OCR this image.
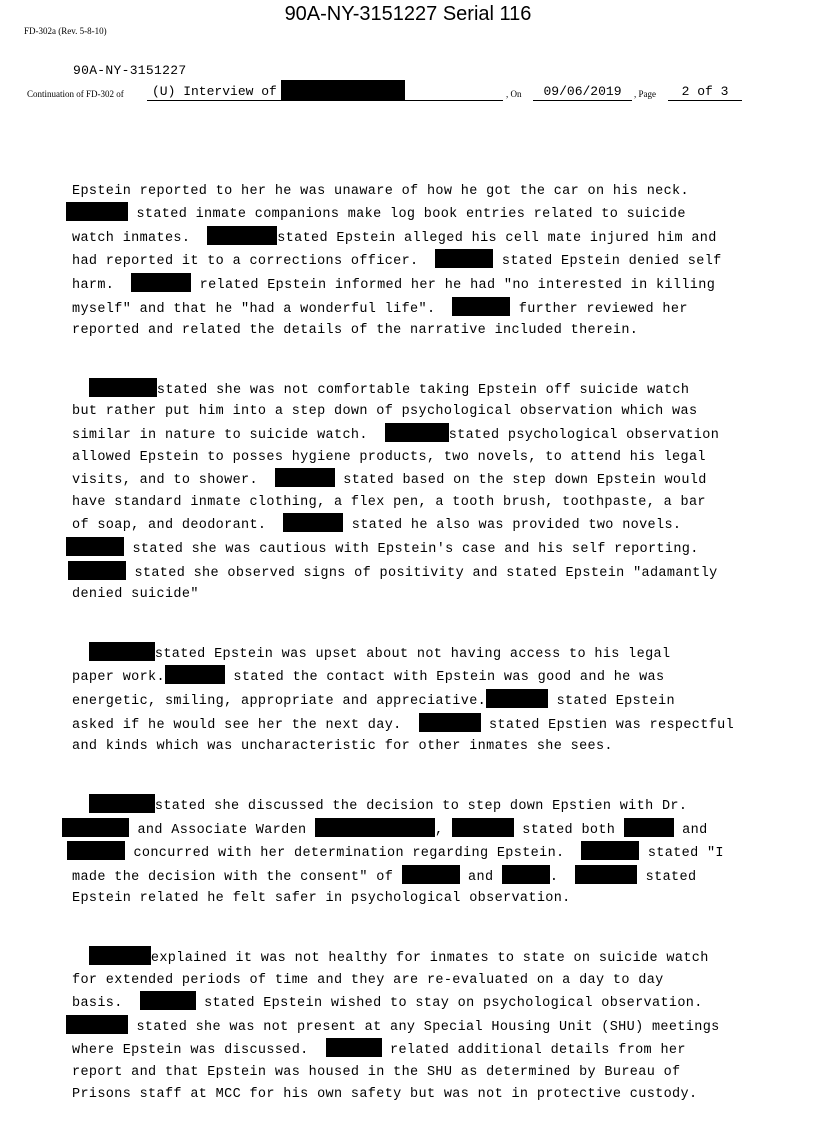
90A-NY-3151227 Serial 116
FD-302a (Rev. 5-8-10)
90A-NY-3151227
Continuation of FD-302 of (U) Interview of	, On	09/06/2019	, Page	2 of 3

Epstein reported to her he was unaware of how he got the car on his neck.
stated inmate companions make log book entries related to suicide
watch inmates.	stated Epstein alleged his cell mate injured him and
had reported it to a corrections officer.	stated Epstein denied self
harm.	related Epstein informed her he had "no interested in killing
myself" and that he "had a wonderful life".	further reviewed her
reported and related the details of the narrative included therein.

stated she was not comfortable taking Epstein off suicide watch
but rather put him into a step down of psychological observation which was
similar in nature to suicide watch.	stated psychological observation
allowed Epstein to posses hygiene products, two novels, to attend his legal
visits, and to shower.	stated based on the step down Epstein would
have standard inmate clothing, a flex pen, a tooth brush, toothpaste, a bar
of soap, and deodorant.	stated he also was provided two novels.
stated she was cautious with Epstein's case and his self reporting.
stated she observed signs of positivity and stated Epstein "adamantly
denied suicide"

stated Epstein was upset about not having access to his legal
paper work.	stated the contact with Epstein was good and he was
energetic, smiling, appropriate and appreciative.	stated Epstein
asked if he would see her the next day.	stated Epstien was respectful
and kinds which was uncharacteristic for other inmates she sees.

stated she discussed the decision to step down Epstien with Dr.
and Associate Warden	,	stated both	and
concurred with her determination regarding Epstein.	stated "I
made the decision with the consent" of	and	.	stated
Epstein related he felt safer in psychological observation.

explained it was not healthy for inmates to state on suicide watch
for extended periods of time and they are re-evaluated on a day to day
basis.	stated Epstein wished to stay on psychological observation.
stated she was not present at any Special Housing Unit (SHU) meetings
where Epstein was discussed.	related additional details from her
report and that Epstein was housed in the SHU as determined by Bureau of
Prisons staff at MCC for his own safety but was not in protective custody.
